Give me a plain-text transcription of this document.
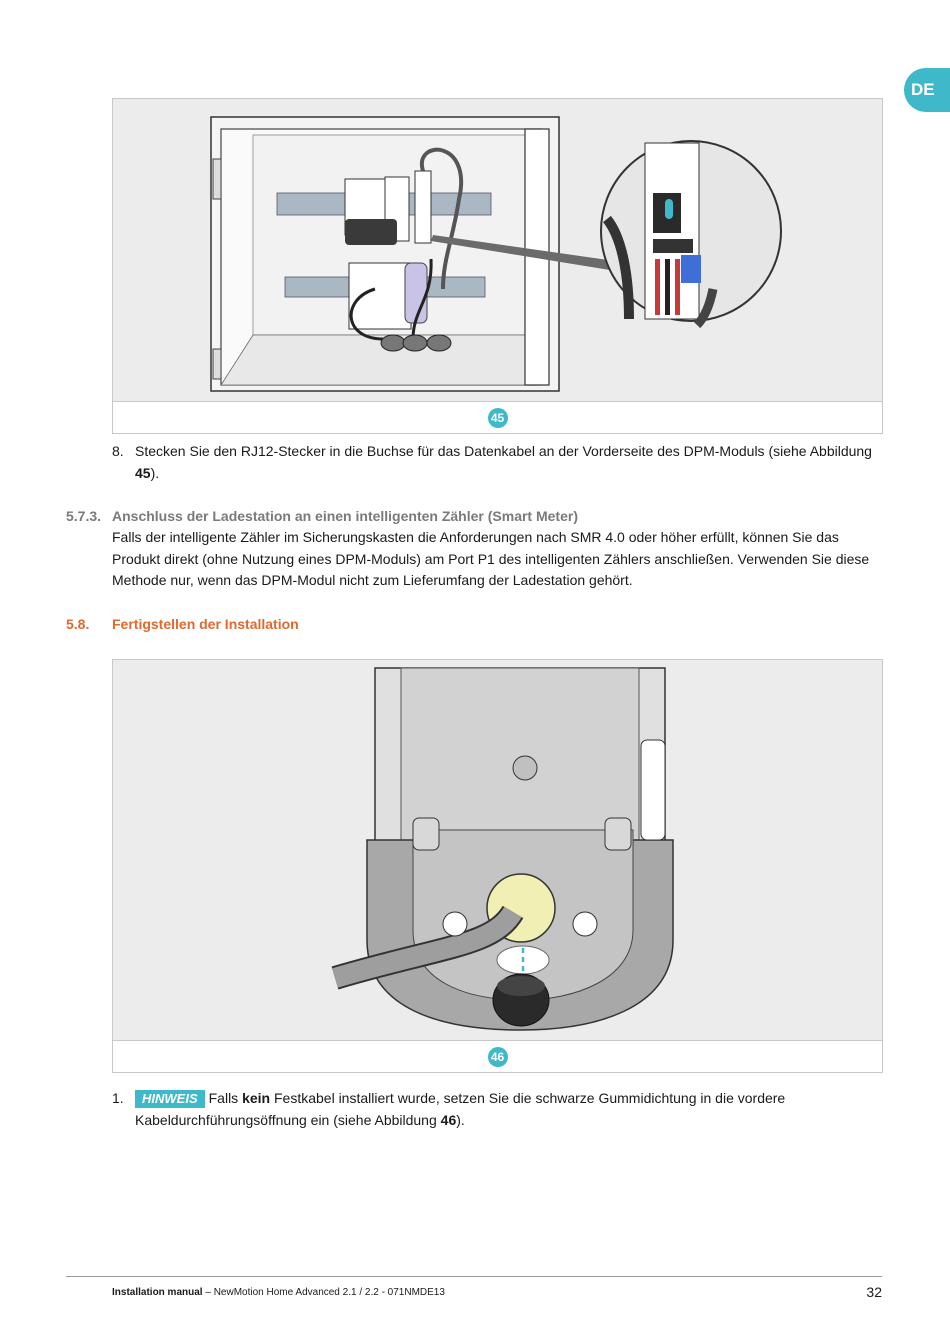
DE
45
8. Stecken Sie den RJ12-Stecker in die Buchse für das Datenkabel an der Vorderseite des DPM-Moduls (siehe Abbildung 45).
5.7.3. Anschluss der Ladestation an einen intelligenten Zähler (Smart Meter)
Falls der intelligente Zähler im Sicherungskasten die Anforderungen nach SMR 4.0 oder höher erfüllt, können Sie das Produkt direkt (ohne Nutzung eines DPM-Moduls) am Port P1 des intelligenten Zählers anschließen. Verwenden Sie diese Methode nur, wenn das DPM-Modul nicht zum Lieferumfang der Ladestation gehört.
5.8. Fertigstellen der Installation
46
1.	HINWEIS Falls kein Festkabel installiert wurde, setzen Sie die schwarze Gummidichtung in die vordere Kabeldurchführungsöffnung ein (siehe Abbildung 46).
Installation manual – NewMotion Home Advanced 2.1 / 2.2 - 071NMDE13	32
